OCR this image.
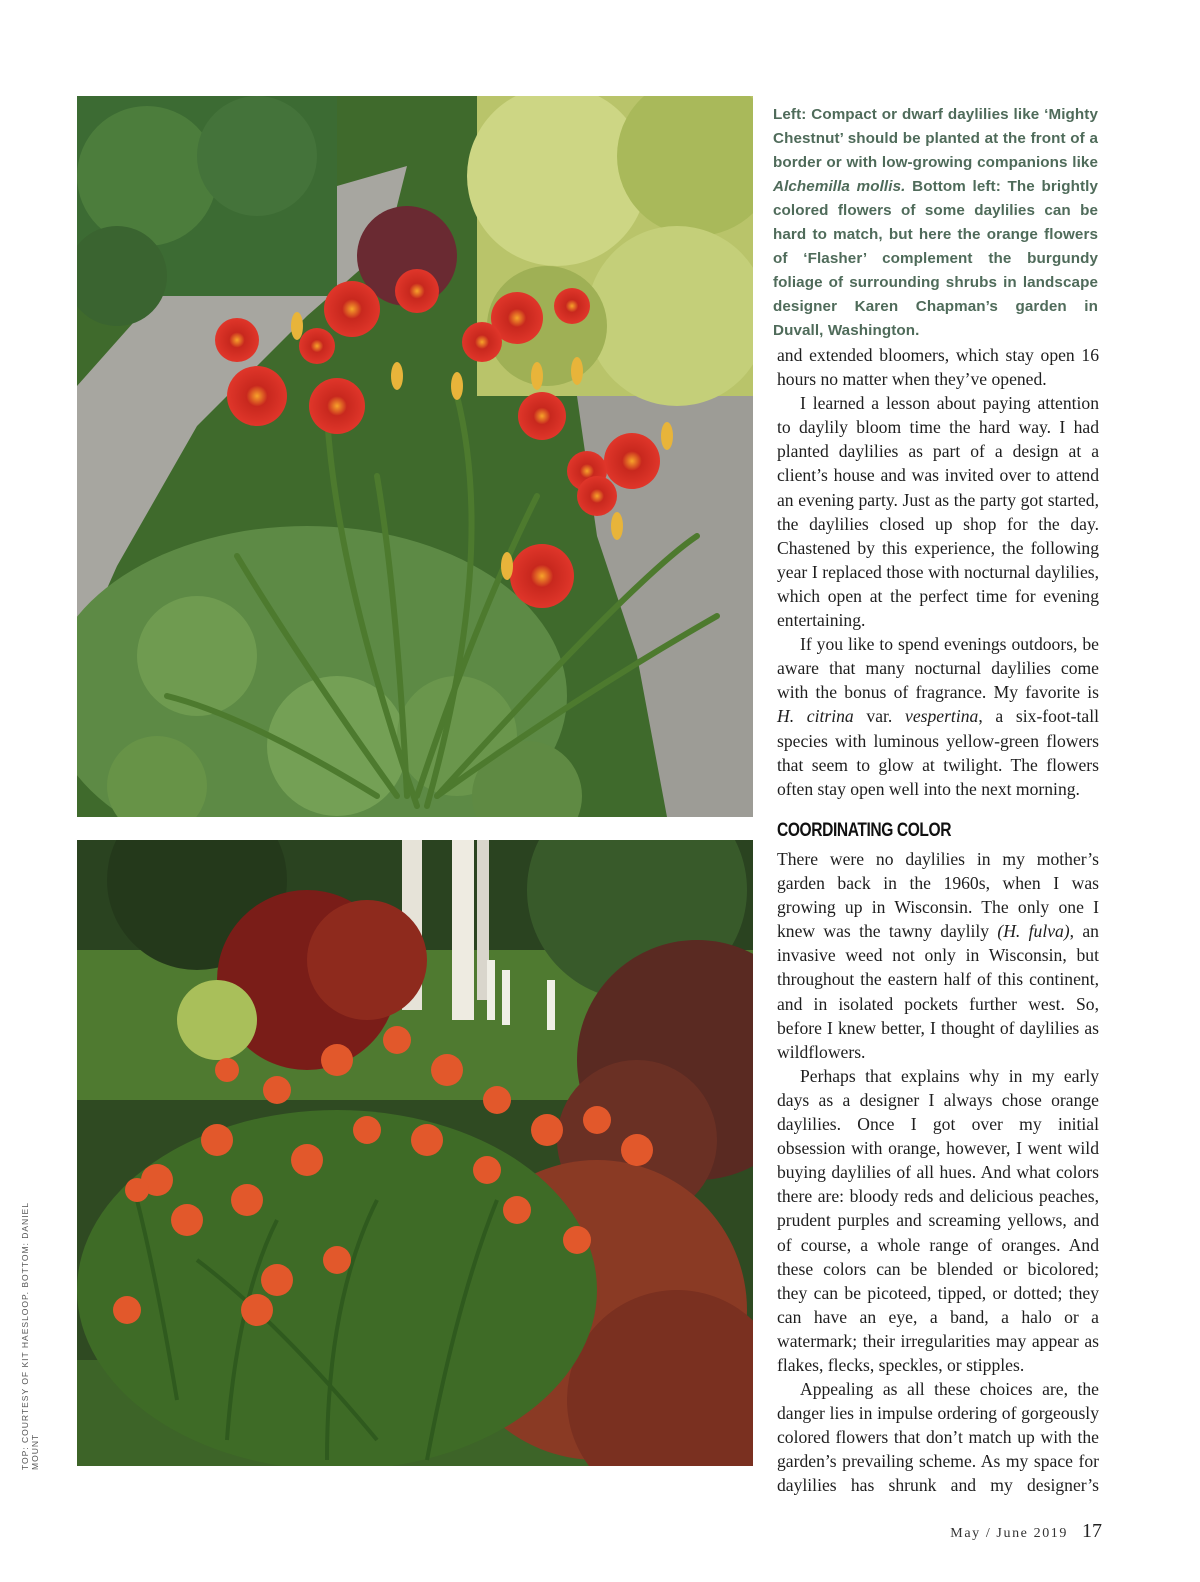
Left: Compact or dwarf daylilies like ‘Mighty Chestnut’ should be planted at the front of a border or with low-growing companions like Alchemilla mollis. Bottom left: The brightly colored flowers of some daylilies can be hard to match, but here the orange flowers of ‘Flasher’ complement the burgundy foliage of surrounding shrubs in landscape designer Karen Chapman’s garden in Duvall, Washington.

and extended bloomers, which stay open 16 hours no matter when they’ve opened.

I learned a lesson about paying attention to daylily bloom time the hard way. I had planted daylilies as part of a design at a client’s house and was invited over to attend an evening party. Just as the party got started, the daylilies closed up shop for the day. Chastened by this experience, the following year I replaced those with nocturnal daylilies, which open at the perfect time for evening entertaining.

If you like to spend evenings outdoors, be aware that many nocturnal daylilies come with the bonus of fragrance. My favorite is H. citrina var. vespertina, a six-foot-tall species with luminous yellow-green flowers that seem to glow at twilight. The flowers often stay open well into the next morning.

COORDINATING COLOR

There were no daylilies in my mother’s garden back in the 1960s, when I was growing up in Wisconsin. The only one I knew was the tawny daylily (H. fulva), an invasive weed not only in Wisconsin, but throughout the eastern half of this continent, and in isolated pockets further west. So, before I knew better, I thought of daylilies as wildflowers.

Perhaps that explains why in my early days as a designer I always chose orange daylilies. Once I got over my initial obsession with orange, however, I went wild buying daylilies of all hues. And what colors there are: bloody reds and delicious peaches, prudent purples and screaming yellows, and of course, a whole range of oranges. And these colors can be blended or bicolored; they can be picoteed, tipped, or dotted; they can have an eye, a band, a halo or a watermark; their irregularities may appear as flakes, flecks, speckles, or stipples.

Appealing as all these choices are, the danger lies in impulse ordering of gorgeously colored flowers that don’t match up with the garden’s prevailing scheme. As my space for daylilies has shrunk and my designer’s

TOP: COURTESY OF KIT HAESLOOP. BOTTOM: DANIEL MOUNT
May / June 2019 17
